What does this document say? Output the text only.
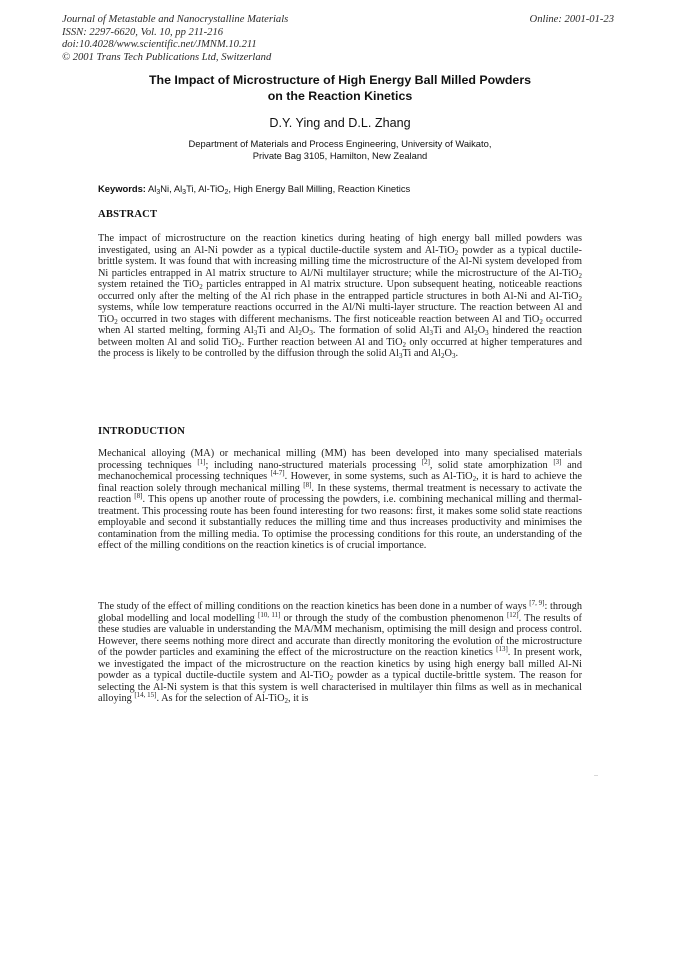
Journal of Metastable and Nanocrystalline Materials
ISSN: 2297-6620, Vol. 10, pp 211-216
doi:10.4028/www.scientific.net/JMNM.10.211
© 2001 Trans Tech Publications Ltd, Switzerland
Online: 2001-01-23
The Impact of Microstructure of High Energy Ball Milled Powders
on the Reaction Kinetics
D.Y. Ying and D.L. Zhang
Department of Materials and Process Engineering, University of Waikato,
Private Bag 3105, Hamilton, New Zealand
Keywords: $Al_3Ni$, $Al_3Ti$, Al-TiO$_2$, High Energy Ball Milling, Reaction Kinetics
ABSTRACT
The impact of microstructure on the reaction kinetics during heating of high energy ball milled powders was investigated, using an Al-Ni powder as a typical ductile-ductile system and Al-TiO$_2$ powder as a typical ductile-brittle system. It was found that with increasing milling time the microstructure of the Al-Ni system developed from Ni particles entrapped in Al matrix structure to Al/Ni multilayer structure; while the microstructure of the Al-TiO$_2$ system retained the TiO$_2$ particles entrapped in Al matrix structure. Upon subsequent heating, noticeable reactions occurred only after the melting of the Al rich phase in the entrapped particle structures in both Al-Ni and Al-TiO$_2$ systems, while low temperature reactions occurred in the Al/Ni multi-layer structure. The reaction between Al and TiO$_2$ occurred in two stages with different mechanisms. The first noticeable reaction between Al and TiO$_2$ occurred when Al started melting, forming $Al_3Ti$ and $Al_2O_3$. The formation of solid $Al_3Ti$ and $Al_2O_3$ hindered the reaction between molten Al and solid TiO$_2$. Further reaction between Al and TiO$_2$ only occurred at higher temperatures and the process is likely to be controlled by the diffusion through the solid $Al_3Ti$ and $Al_2O_3$.
INTRODUCTION
Mechanical alloying (MA) or mechanical milling (MM) has been developed into many specialised materials processing techniques [1]; including nano-structured materials processing [2], solid state amorphization [3] and mechanochemical processing techniques [4-7]. However, in some systems, such as Al-TiO$_2$, it is hard to achieve the final reaction solely through mechanical milling [8]. In these systems, thermal treatment is necessary to activate the reaction [8]. This opens up another route of processing the powders, i.e. combining mechanical milling and thermal-treatment. This processing route has been found interesting for two reasons: first, it makes some solid state reactions employable and second it substantially reduces the milling time and thus increases productivity and minimises the contamination from the milling media. To optimise the processing conditions for this route, an understanding of the effect of the milling conditions on the reaction kinetics is of crucial importance.
The study of the effect of milling conditions on the reaction kinetics has been done in a number of ways [7, 9]: through global modelling and local modelling [10, 11] or through the study of the combustion phenomenon [12]. The results of these studies are valuable in understanding the MA/MM mechanism, optimising the mill design and process control. However, there seems nothing more direct and accurate than directly monitoring the evolution of the microstructure of the powder particles and examining the effect of the microstructure on the reaction kinetics [13]. In present work, we investigated the impact of the microstructure on the reaction kinetics by using high energy ball milled Al-Ni powder as a typical ductile-ductile system and Al-TiO$_2$ powder as a typical ductile-brittle system. The reason for selecting the Al-Ni system is that this system is well characterised in multilayer thin films as well as in mechanical alloying [14, 15]. As for the selection of Al-TiO$_2$, it is
..
